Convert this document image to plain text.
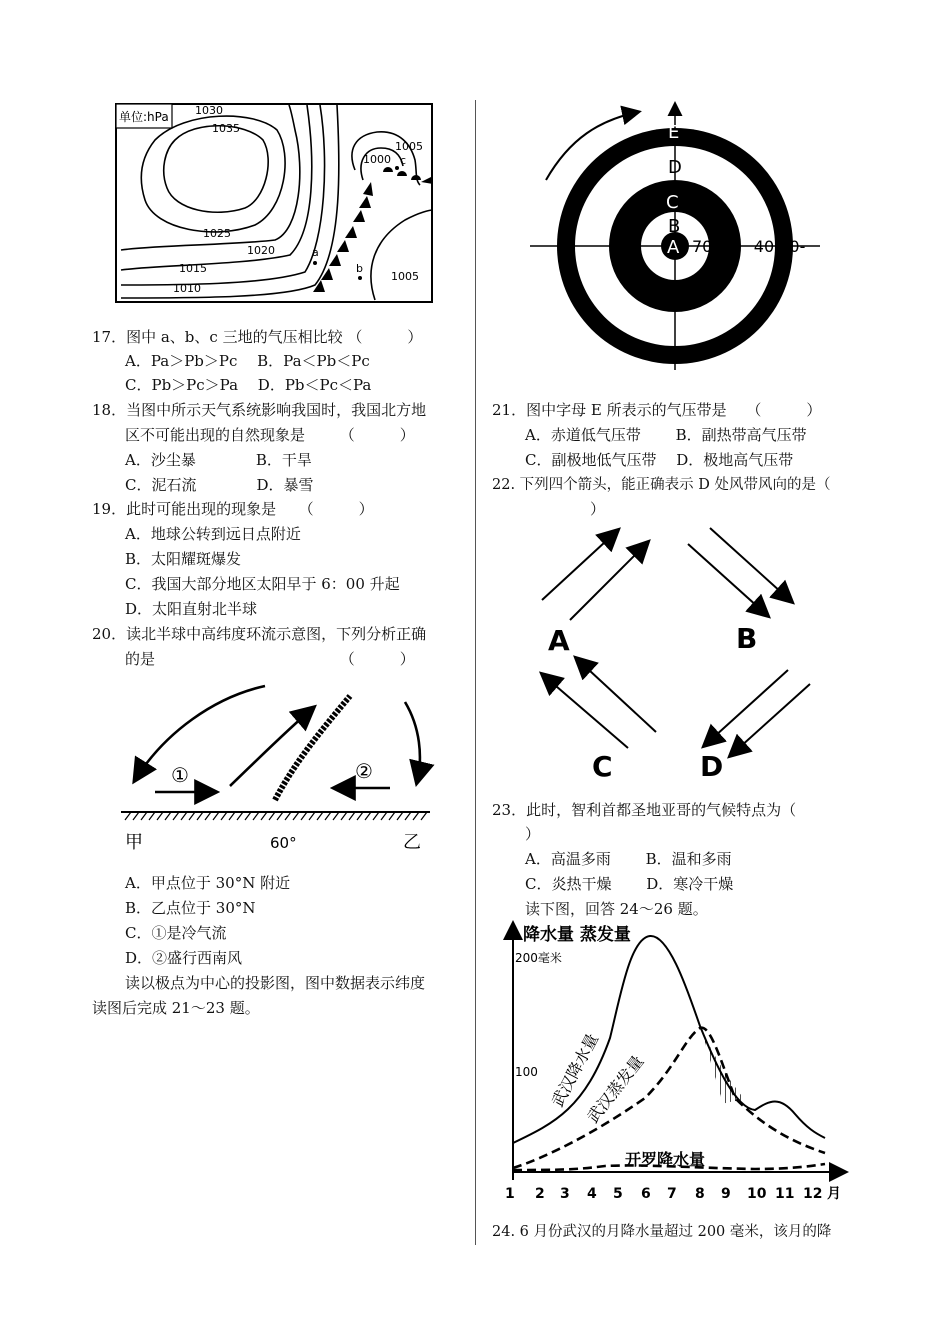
单位:hPa 1030
1035
1025
1020
1015
1010
1005
1000
1005
a
b
c
17．图中 a、b、c 三地的气压相比较 （　　　）
A．Pa＞Pb＞Pc　 B．Pa＜Pb＜Pc
C．Pb＞Pc＞Pa　 D．Pb＜Pc＜Pa
18．当图中所示天气系统影响我国时，我国北方地
区不可能出现的自然现象是　　 （　　　）
A．沙尘暴　　　　B．干旱
C．泥石流　　　　D．暴雪
19．此时可能出现的现象是　　（　　　）
A．地球公转到远日点附近
B．太阳耀斑爆发
C．我国大部分地区太阳早于 6：00 升起
D．太阳直射北半球
20．读北半球中高纬度环流示意图，下列分析正确
的是　　　　　　　　　　　　 （　　　）
①	②
甲	60°	乙
A．甲点位于 30°N 附近
B．乙点位于 30°N
C．①是冷气流
D．②盛行西南风
读以极点为中心的投影图，图中数据表示纬度
读图后完成 21～23 题。
E
D
C
B
A 70 60　40 20-
21．图中字母 E 所表示的气压带是　 （　　　）
A．赤道低气压带　　 B．副热带高气压带
C．副极地低气压带　 D．极地高气压带
22. 下列四个箭头，能正确表示 D 处风带风向的是（
）
A	B
C	D
23．此时，智利首都圣地亚哥的气候特点为（
）
A．高温多雨　　 B．温和多雨
C．炎热干燥　　 D．寒冷干燥
读下图，回答 24～26 题。
降水量 蒸发量
200毫米
100 武汉降水量
武汉蒸发量
开罗降水量
1 2 3 4 5 6 7 8 9 10 11 12 月
24. 6 月份武汉的月降水量超过 200 毫米，该月的降
